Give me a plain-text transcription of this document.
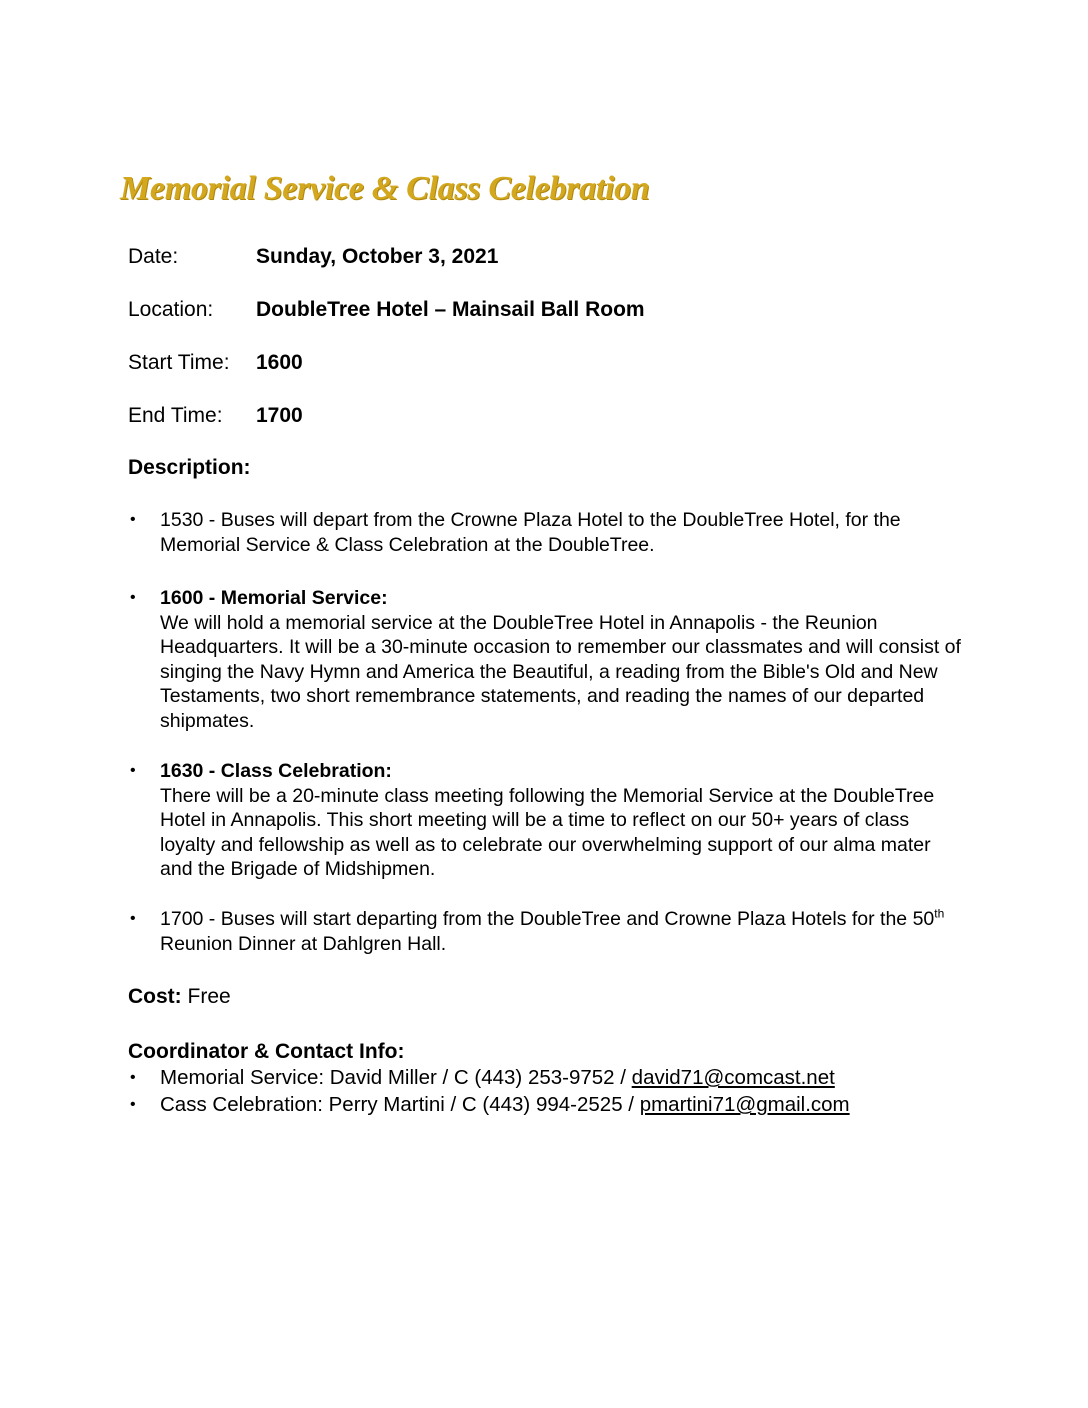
Memorial Service & Class Celebration
Date:	Sunday, October 3, 2021
Location: DoubleTree Hotel – Mainsail Ball Room
Start Time: 1600
End Time: 1700

Description:

• 1530 - Buses will depart from the Crowne Plaza Hotel to the DoubleTree Hotel, for the Memorial Service & Class Celebration at the DoubleTree.
• 1600 - Memorial Service:
We will hold a memorial service at the DoubleTree Hotel in Annapolis - the Reunion Headquarters. It will be a 30-minute occasion to remember our classmates and will consist of singing the Navy Hymn and America the Beautiful, a reading from the Bible's Old and New Testaments, two short remembrance statements, and reading the names of our departed shipmates.
• 1630 - Class Celebration:
There will be a 20-minute class meeting following the Memorial Service at the DoubleTree Hotel in Annapolis. This short meeting will be a time to reflect on our 50+ years of class loyalty and fellowship as well as to celebrate our overwhelming support of our alma mater and the Brigade of Midshipmen.
• 1700 - Buses will start departing from the DoubleTree and Crowne Plaza Hotels for the 50th Reunion Dinner at Dahlgren Hall.

Cost: Free

Coordinator & Contact Info:

• Memorial Service: David Miller / C (443) 253-9752 / david71@comcast.net
• Cass Celebration: Perry Martini / C (443) 994-2525 / pmartini71@gmail.com
